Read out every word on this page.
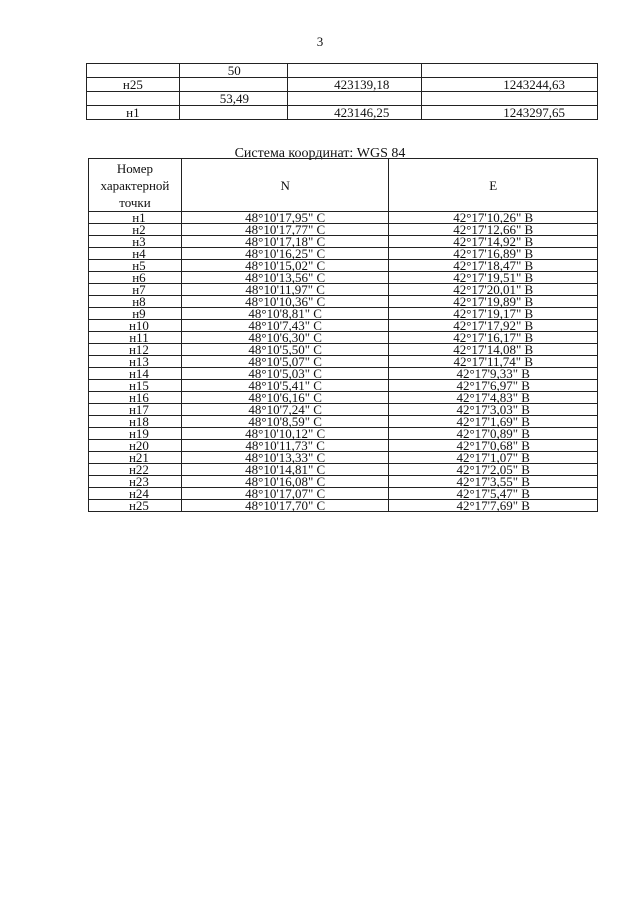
3
	50		
н25		423139,18	1243244,63
	53,49		
н1		423146,25	1243297,65
Система координат: WGS 84
Номер характерной точки	N	E
н1	48°10'17,95" С	42°17'10,26" В
н2	48°10'17,77" С	42°17'12,66" В
н3	48°10'17,18" С	42°17'14,92" В
н4	48°10'16,25" С	42°17'16,89" В
н5	48°10'15,02" С	42°17'18,47" В
н6	48°10'13,56" С	42°17'19,51" В
н7	48°10'11,97" С	42°17'20,01" В
н8	48°10'10,36" С	42°17'19,89" В
н9	48°10'8,81" С	42°17'19,17" В
н10	48°10'7,43" С	42°17'17,92" В
н11	48°10'6,30" С	42°17'16,17" В
н12	48°10'5,50" С	42°17'14,08" В
н13	48°10'5,07" С	42°17'11,74" В
н14	48°10'5,03" С	42°17'9,33" В
н15	48°10'5,41" С	42°17'6,97" В
н16	48°10'6,16" С	42°17'4,83" В
н17	48°10'7,24" С	42°17'3,03" В
н18	48°10'8,59" С	42°17'1,69" В
н19	48°10'10,12" С	42°17'0,89" В
н20	48°10'11,73" С	42°17'0,68" В
н21	48°10'13,33" С	42°17'1,07" В
н22	48°10'14,81" С	42°17'2,05" В
н23	48°10'16,08" С	42°17'3,55" В
н24	48°10'17,07" С	42°17'5,47" В
н25	48°10'17,70" С	42°17'7,69" В
